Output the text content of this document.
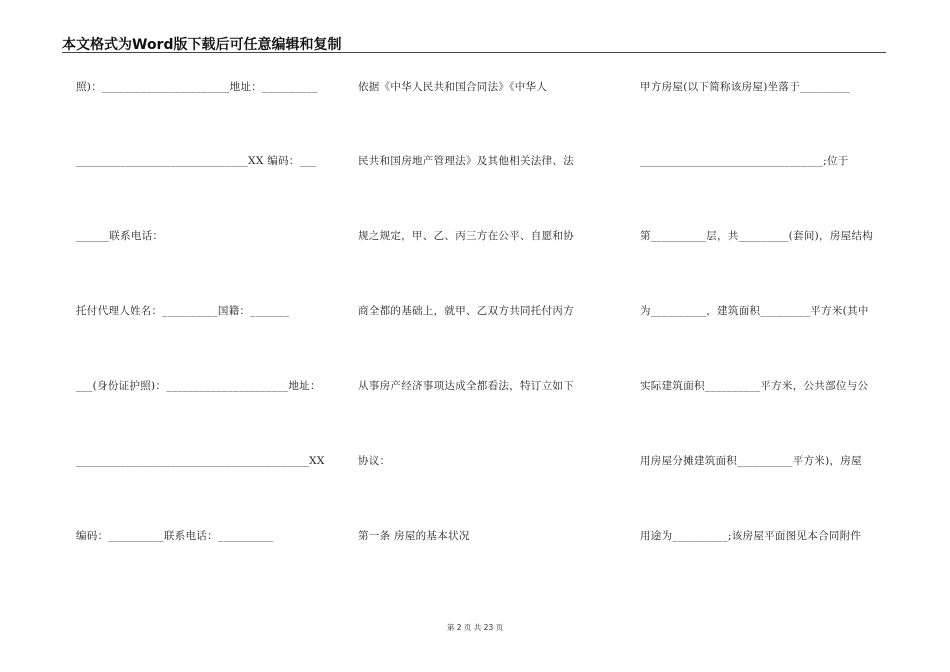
本文格式为Word版下载后可任意编辑和复制
照)：_______________________地址：__________
_______________________________XX 编码：___
______联系电话：
托付代理人姓名：__________国籍：_______
___(身份证护照)：______________________地址：
__________________________________________XX
编码：__________联系电话：__________
依据《中华人民共和国合同法》《中华人
民共和国房地产管理法》及其他相关法律、法
规之规定，甲、乙、丙三方在公平、自愿和协
商全都的基础上，就甲、乙双方共同托付丙方
从事房产经济事项达成全都看法，特订立如下
协议：
第一条 房屋的基本状况
甲方房屋(以下简称该房屋)坐落于_________
_________________________________;位于
第__________层，共_________(套间)，房屋结构
为__________，建筑面积_________平方米(其中
实际建筑面积__________平方米，公共部位与公
用房屋分摊建筑面积__________平方米)，房屋
用途为__________;该房屋平面图见本合同附件
第 2 页 共 23 页
